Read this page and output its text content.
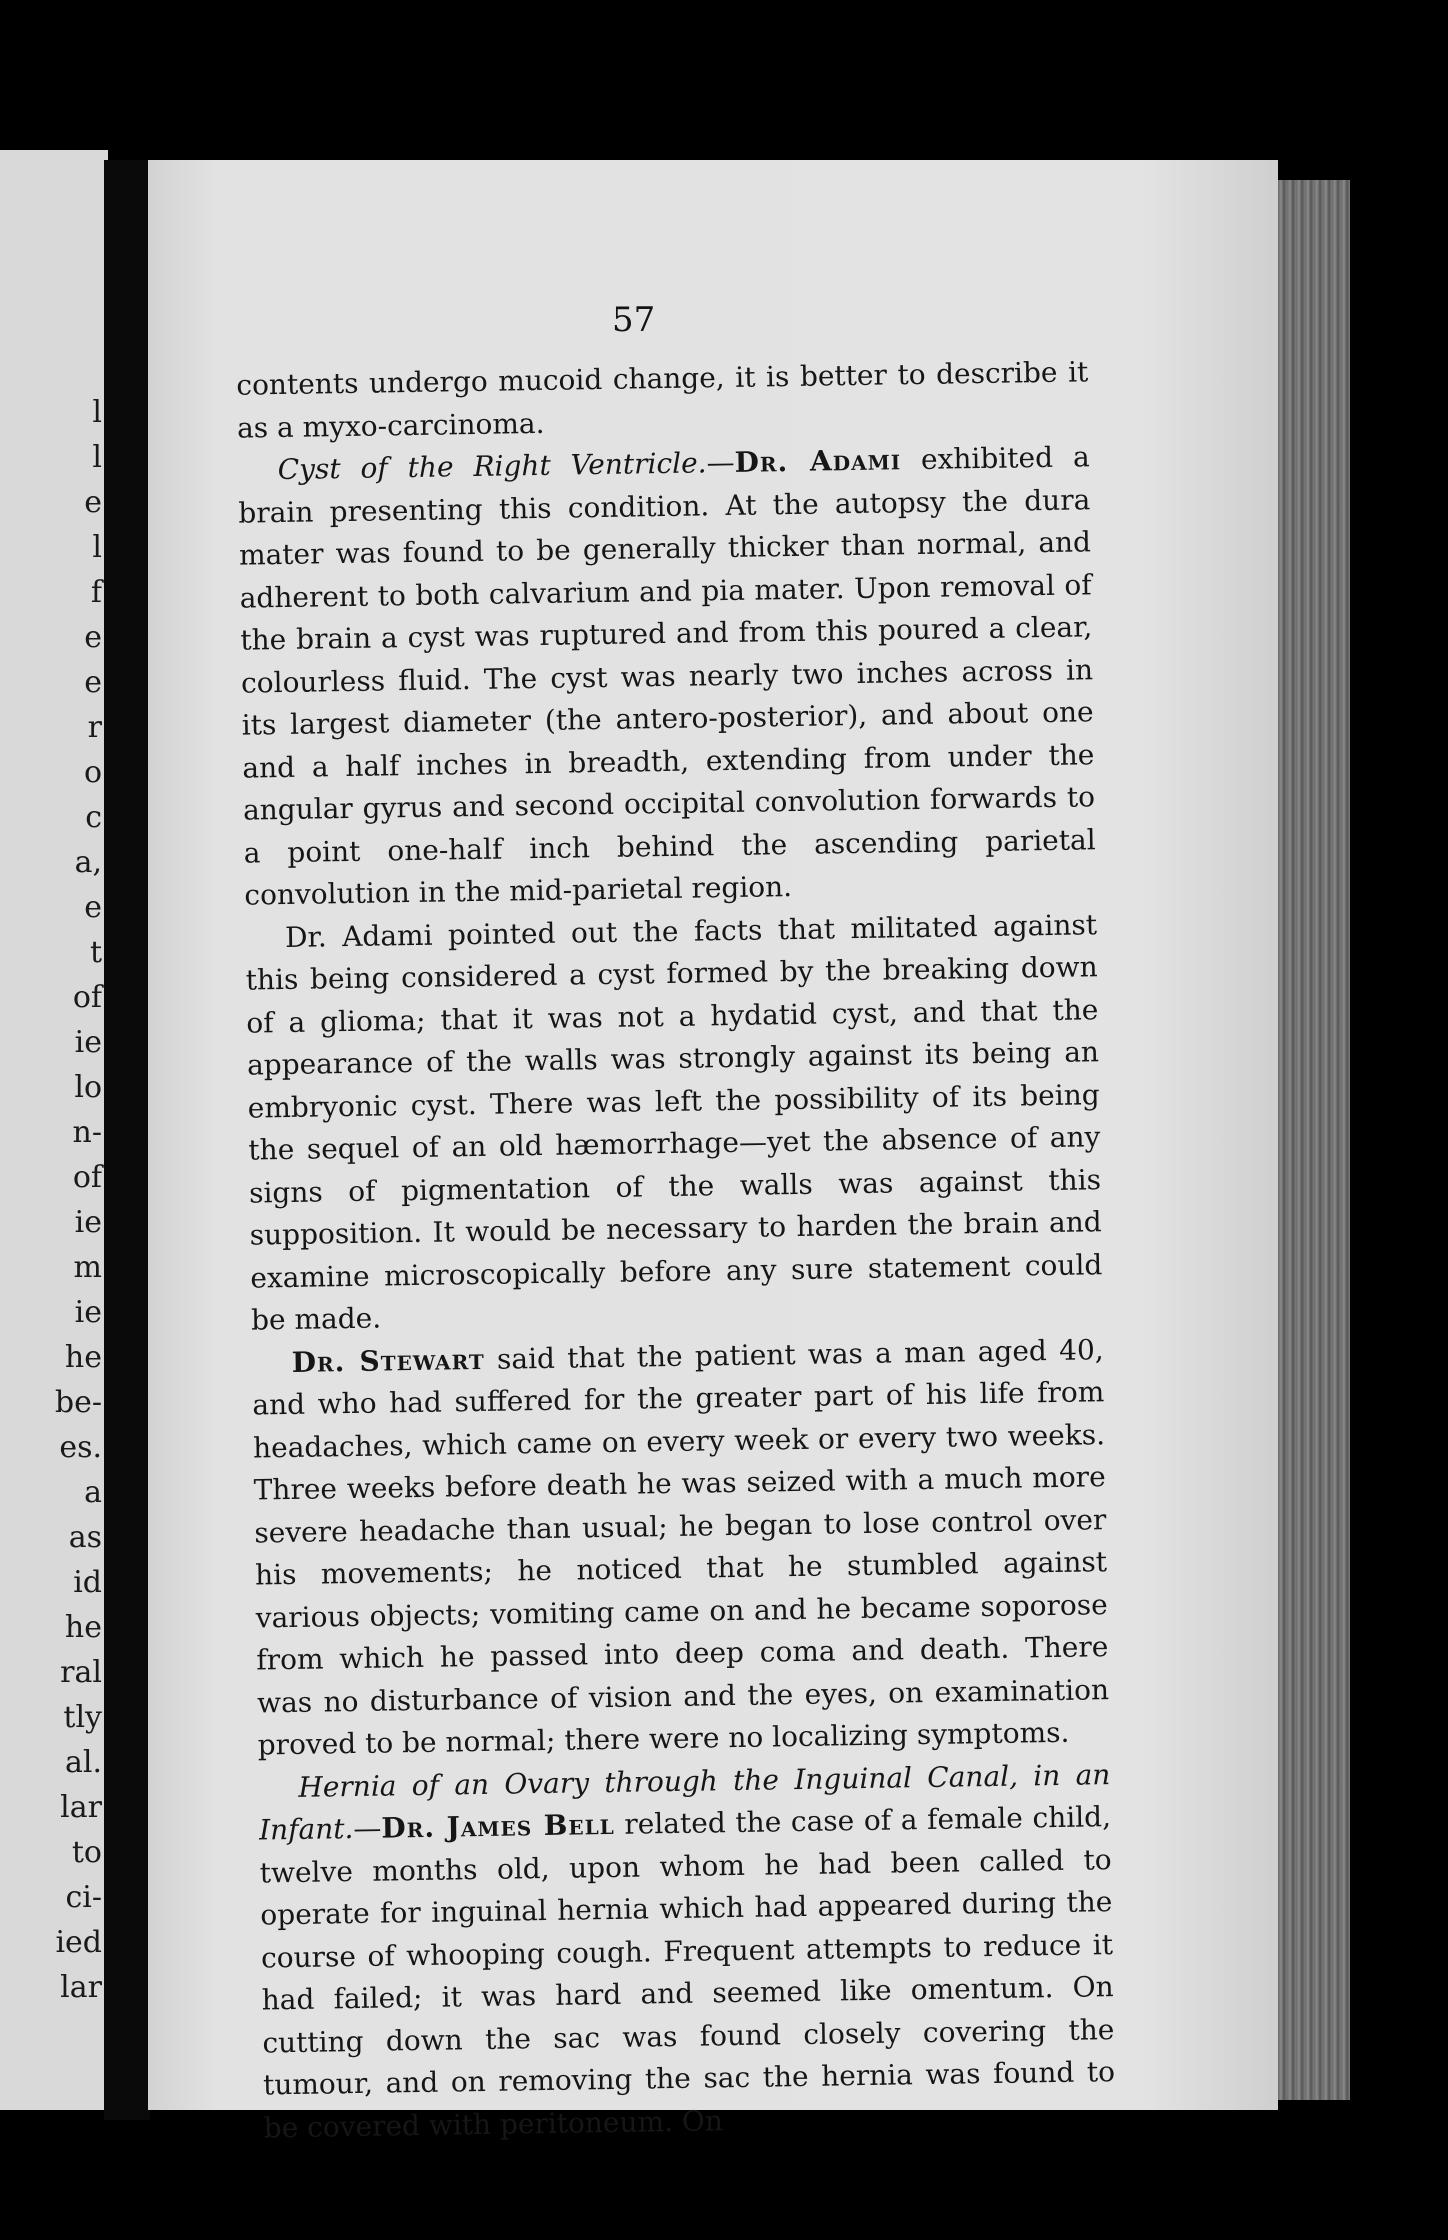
l
l
e
l
f
e
e
r
o
c
a,
e
t
of
ie
lo
n-
of
ie
m
ie
he
be-
es.
a
as
id
he
ral
tly
al.
lar
to
ci-
ied
lar
57

contents undergo mucoid change, it is better to describe it as a myxo-carcinoma.

Cyst of the Right Ventricle.—Dr. Adami exhibited a brain presenting this condition. At the autopsy the dura mater was found to be generally thicker than normal, and adherent to both calvarium and pia mater. Upon removal of the brain a cyst was ruptured and from this poured a clear, colourless fluid. The cyst was nearly two inches across in its largest diameter (the antero-posterior), and about one and a half inches in breadth, extending from under the angular gyrus and second occipital convolution forwards to a point one-half inch behind the ascending parietal convolution in the mid-parietal region.

Dr. Adami pointed out the facts that militated against this being considered a cyst formed by the breaking down of a glioma; that it was not a hydatid cyst, and that the appearance of the walls was strongly against its being an embryonic cyst. There was left the possibility of its being the sequel of an old hæmorrhage—yet the absence of any signs of pigmentation of the walls was against this supposition. It would be necessary to harden the brain and examine microscopically before any sure statement could be made.

Dr. Stewart said that the patient was a man aged 40, and who had suffered for the greater part of his life from headaches, which came on every week or every two weeks. Three weeks before death he was seized with a much more severe headache than usual; he began to lose control over his movements; he noticed that he stumbled against various objects; vomiting came on and he became soporose from which he passed into deep coma and death. There was no disturbance of vision and the eyes, on examination proved to be normal; there were no localizing symptoms.

Hernia of an Ovary through the Inguinal Canal, in an Infant.—Dr. James Bell related the case of a female child, twelve months old, upon whom he had been called to operate for inguinal hernia which had appeared during the course of whooping cough. Frequent attempts to reduce it had failed; it was hard and seemed like omentum. On cutting down the sac was found closely covering the tumour, and on removing the sac the hernia was found to be covered with peritoneum. On
